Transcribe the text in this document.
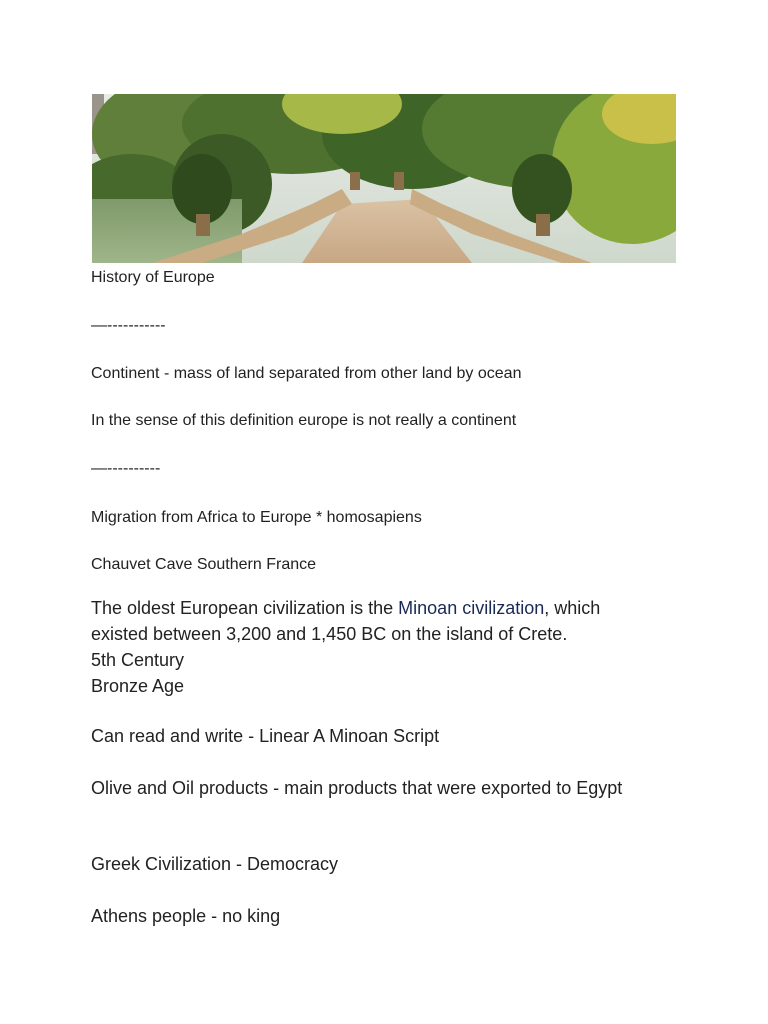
History of Europe

—-----------

Continent - mass of land separated from other land by ocean

In the sense of this definition europe is not really a continent

—----------

Migration from Africa to Europe * homosapiens

Chauvet Cave Southern France

The oldest European civilization is the Minoan civilization, which
existed between 3,200 and 1,450 BC on the island of Crete.

5th Century

Bronze Age

Can read and write - Linear A Minoan Script

Olive and Oil products - main products that were exported to Egypt

Greek Civilization - Democracy

Athens people - no king
